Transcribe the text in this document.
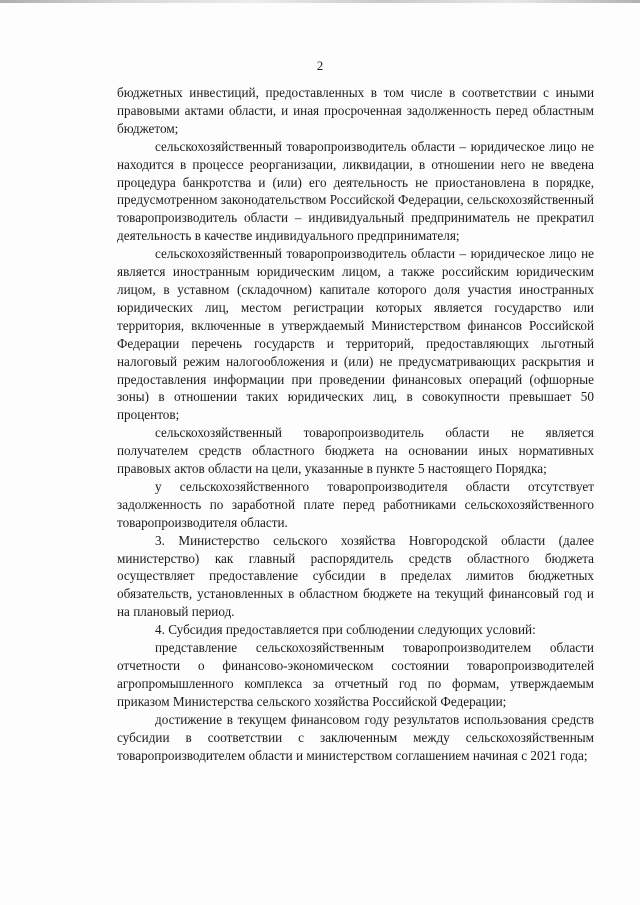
2

бюджетных инвестиций, предоставленных в том числе в соответствии с иными правовыми актами области, и иная просроченная задолженность перед областным бюджетом;

сельскохозяйственный товаропроизводитель области – юридическое лицо не находится в процессе реорганизации, ликвидации, в отношении него не введена процедура банкротства и (или) его деятельность не приостановлена в порядке, предусмотренном законодательством Российской Федерации, сельскохозяйственный товаропроизводитель области – индивидуальный предприниматель не прекратил деятельность в качестве индивидуального предпринимателя;

сельскохозяйственный товаропроизводитель области – юридическое лицо не является иностранным юридическим лицом, а также российским юридическим лицом, в уставном (складочном) капитале которого доля участия иностранных юридических лиц, местом регистрации которых является государство или территория, включенные в утверждаемый Министерством финансов Российской Федерации перечень государств и территорий, предоставляющих льготный налоговый режим налогообложения и (или) не предусматривающих раскрытия и предоставления информации при проведении финансовых операций (офшорные зоны) в отношении таких юридических лиц, в совокупности превышает 50 процентов;

сельскохозяйственный товаропроизводитель области не является получателем средств областного бюджета на основании иных нормативных правовых актов области на цели, указанные в пункте 5 настоящего Порядка;

у сельскохозяйственного товаропроизводителя области отсутствует задолженность по заработной плате перед работниками сельскохозяйственного товаропроизводителя области.

3. Министерство сельского хозяйства Новгородской области (далее министерство) как главный распорядитель средств областного бюджета осуществляет предоставление субсидии в пределах лимитов бюджетных обязательств, установленных в областном бюджете на текущий финансовый год и на плановый период.

4. Субсидия предоставляется при соблюдении следующих условий:

представление сельскохозяйственным товаропроизводителем области отчетности о финансово-экономическом состоянии товаропроизводителей агропромышленного комплекса за отчетный год по формам, утверждаемым приказом Министерства сельского хозяйства Российской Федерации;

достижение в текущем финансовом году результатов использования средств субсидии в соответствии с заключенным между сельскохозяйственным товаропроизводителем области и министерством соглашением начиная с 2021 года;
